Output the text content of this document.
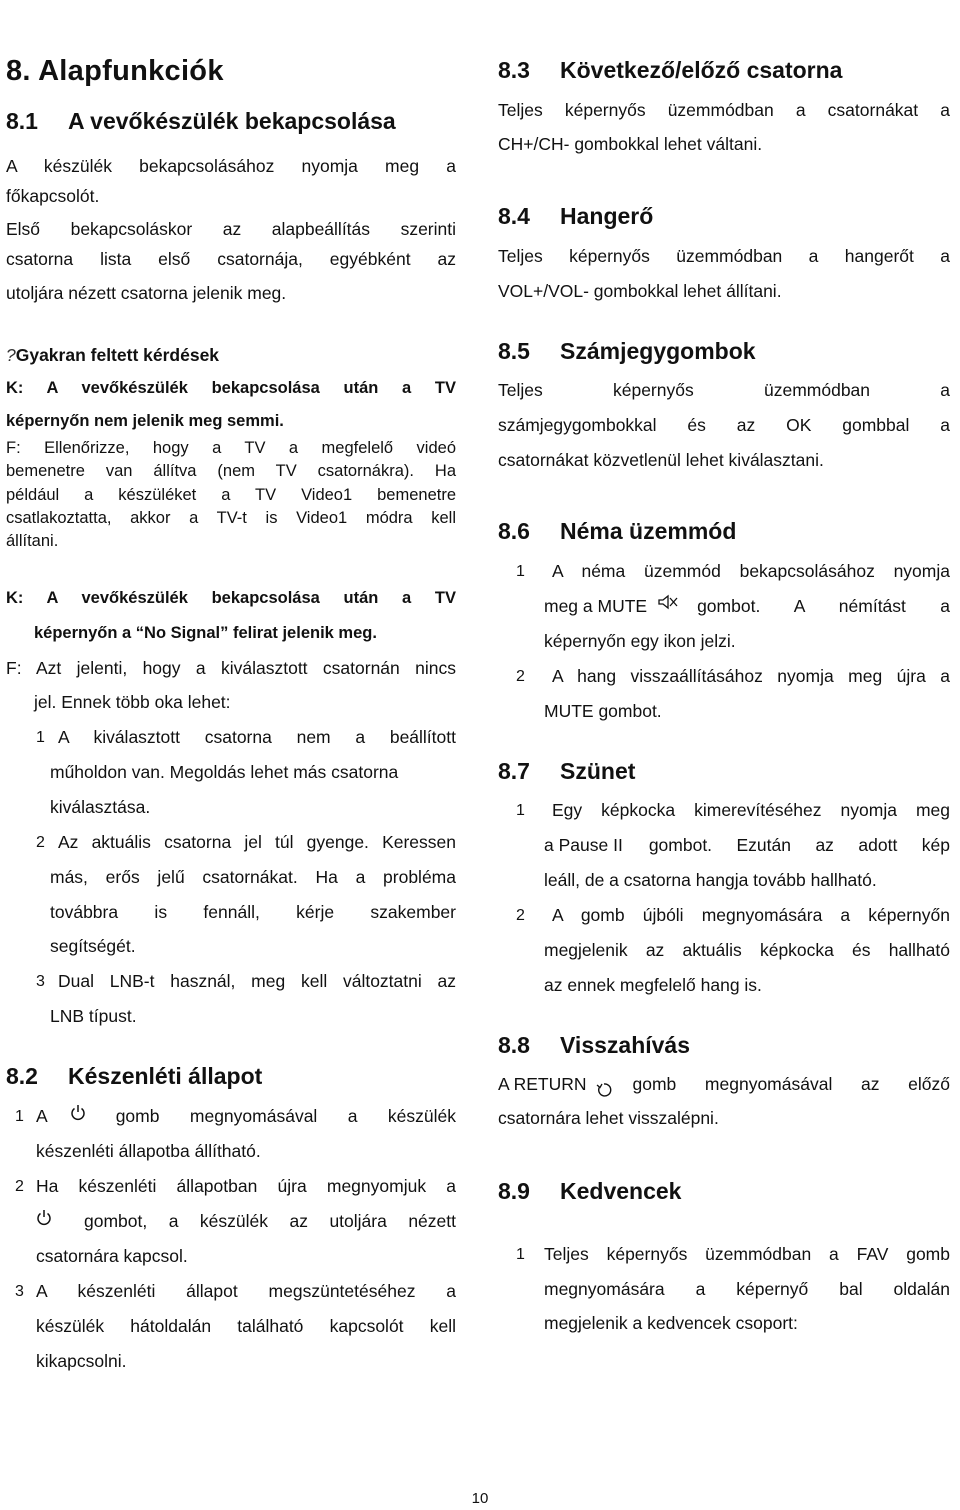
8. Alapfunkciók
8.1 A vevőkészülék bekapcsolása
A készülék bekapcsolásához nyomja meg a
főkapcsolót.
Első bekapcsoláskor az alapbeállítás szerinti
csatorna lista első csatornája, egyébként az
utoljára nézett csatorna jelenik meg.
?Gyakran feltett kérdések
K: A vevőkészülék bekapcsolása után a TV
képernyőn nem jelenik meg semmi.
F: Ellenőrizze, hogy a TV a megfelelő videó
bemenetre van állítva (nem TV csatornákra). Ha
például a készüléket a TV Video1 bemenetre
csatlakoztatta, akkor a TV-t is Video1 módra kell
állítani.
K: A vevőkészülék bekapcsolása után a TV
képernyőn a “No Signal” felirat jelenik meg.
F: Azt jelenti, hogy a kiválasztott csatornán nincs
jel. Ennek több oka lehet:
1 A kiválasztott csatorna nem a beállított
műholdon van. Megoldás lehet más csatorna
kiválasztása.
2 Az aktuális csatorna jel túl gyenge. Keressen
más, erős jelű csatornákat. Ha a probléma
továbbra is fennáll, kérje szakember
segítségét.
3 Dual LNB-t használ, meg kell változtatni az
LNB típust.
8.2 Készenléti állapot
1 A	gomb megnyomásával a készülék
készenléti állapotba állítható.
2 Ha készenléti állapotban újra megnyomjuk a
gombot, a készülék az utoljára nézett
csatornára kapcsol.
3 A készenléti állapot megszüntetéséhez a
készülék hátoldalán található kapcsolót kell
kikapcsolni.
8.3 Következő/előző csatorna
Teljes képernyős üzemmódban a csatornákat a
CH+/CH- gombokkal lehet váltani.
8.4 Hangerő
Teljes képernyős üzemmódban a hangerőt a
VOL+/VOL- gombokkal lehet állítani.
8.5 Számjegygombok
Teljes képernyős üzemmódban a
számjegygombokkal és az OK gombbal a
csatornákat közvetlenül lehet kiválasztani.
8.6 Néma üzemmód
1 A néma üzemmód bekapcsolásához nyomja
meg a MUTE	gombot. A némítást a
képernyőn egy ikon jelzi.
2 A hang visszaállításához nyomja meg újra a
MUTE gombot.
8.7 Szünet
1 Egy képkocka kimerevítéséhez nyomja meg
a Pause II gombot. Ezután az adott kép
leáll, de a csatorna hangja tovább hallható.
2 A gomb újbóli megnyomására a képernyőn
megjelenik az aktuális képkocka és hallható
az ennek megfelelő hang is.
8.8 Visszahívás
A RETURN	gomb megnyomásával az előző
csatornára lehet visszalépni.
8.9 Kedvencek
1 Teljes képernyős üzemmódban a FAV gomb
megnyomására a képernyő bal oldalán
megjelenik a kedvencek csoport:
10
